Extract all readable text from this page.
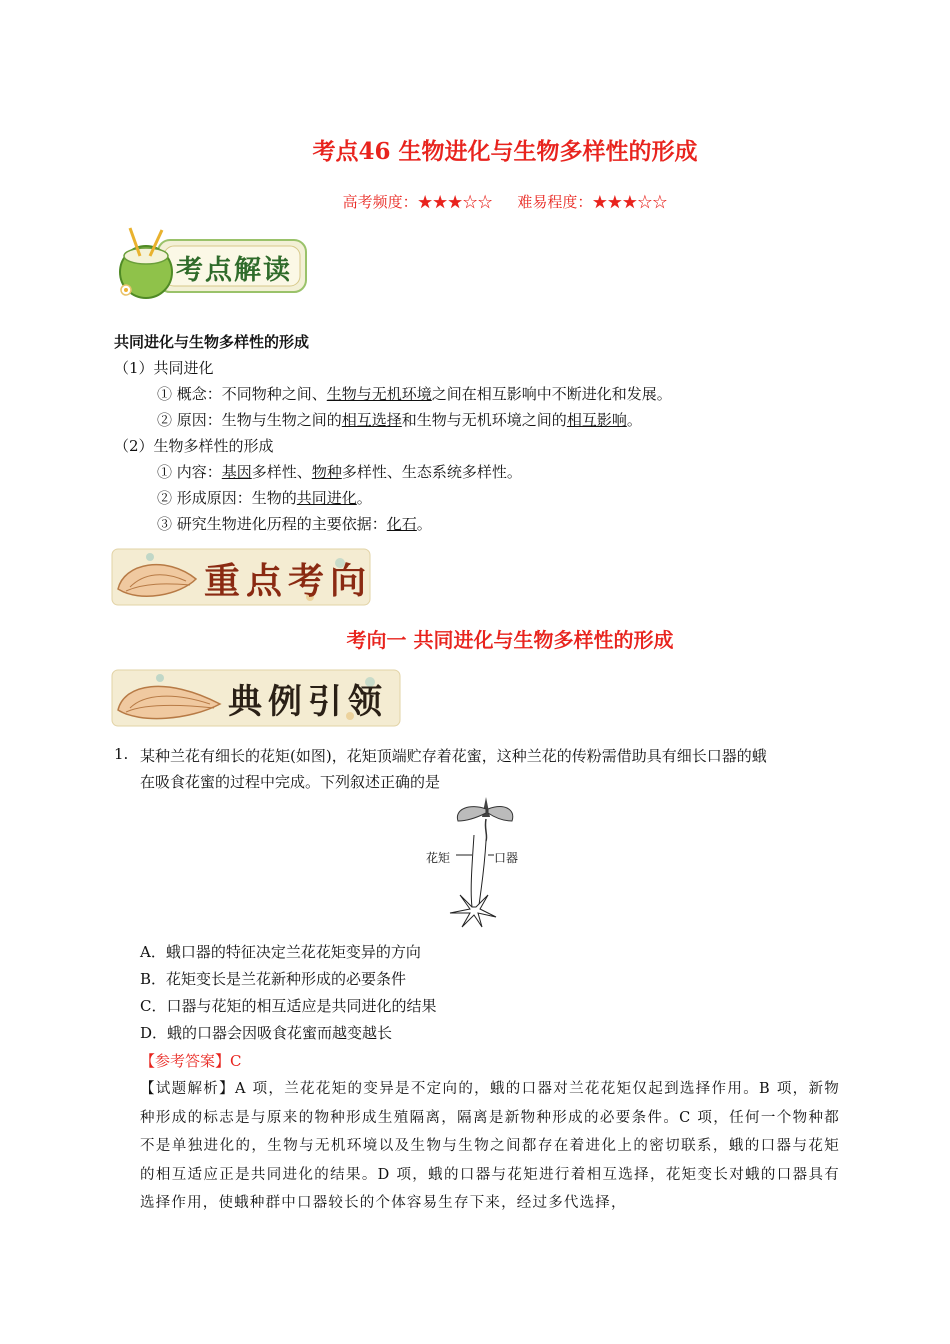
考点46 生物进化与生物多样性的形成
高考频度：★★★☆☆ 难易程度：★★★☆☆
考点解读
共同进化与生物多样性的形成
（1）共同进化
① 概念：不同物种之间、生物与无机环境之间在相互影响中不断进化和发展。
② 原因：生物与生物之间的相互选择和生物与无机环境之间的相互影响。
（2）生物多样性的形成
① 内容：基因多样性、物种多样性、生态系统多样性。
② 形成原因：生物的共同进化。
③ 研究生物进化历程的主要依据：化石。
重点考向
考向一 共同进化与生物多样性的形成
典例引领
1. 某种兰花有细长的花矩(如图)，花矩顶端贮存着花蜜，这种兰花的传粉需借助具有细长口器的蛾
在吸食花蜜的过程中完成。下列叙述正确的是
花矩	口器
A．蛾口器的特征决定兰花花矩变异的方向
B．花矩变长是兰花新种形成的必要条件
C．口器与花矩的相互适应是共同进化的结果
D．蛾的口器会因吸食花蜜而越变越长
【参考答案】C
【试题解析】A 项，兰花花矩的变异是不定向的，蛾的口器对兰花花矩仅起到选择作用。B 项，新物种形成的标志是与原来的物种形成生殖隔离，隔离是新物种形成的必要条件。C 项，任何一个物种都不是单独进化的，生物与无机环境以及生物与生物之间都存在着进化上的密切联系，蛾的口器与花矩的相互适应正是共同进化的结果。D 项，蛾的口器与花矩进行着相互选择，花矩变长对蛾的口器具有选择作用，使蛾种群中口器较长的个体容易生存下来，经过多代选择，
